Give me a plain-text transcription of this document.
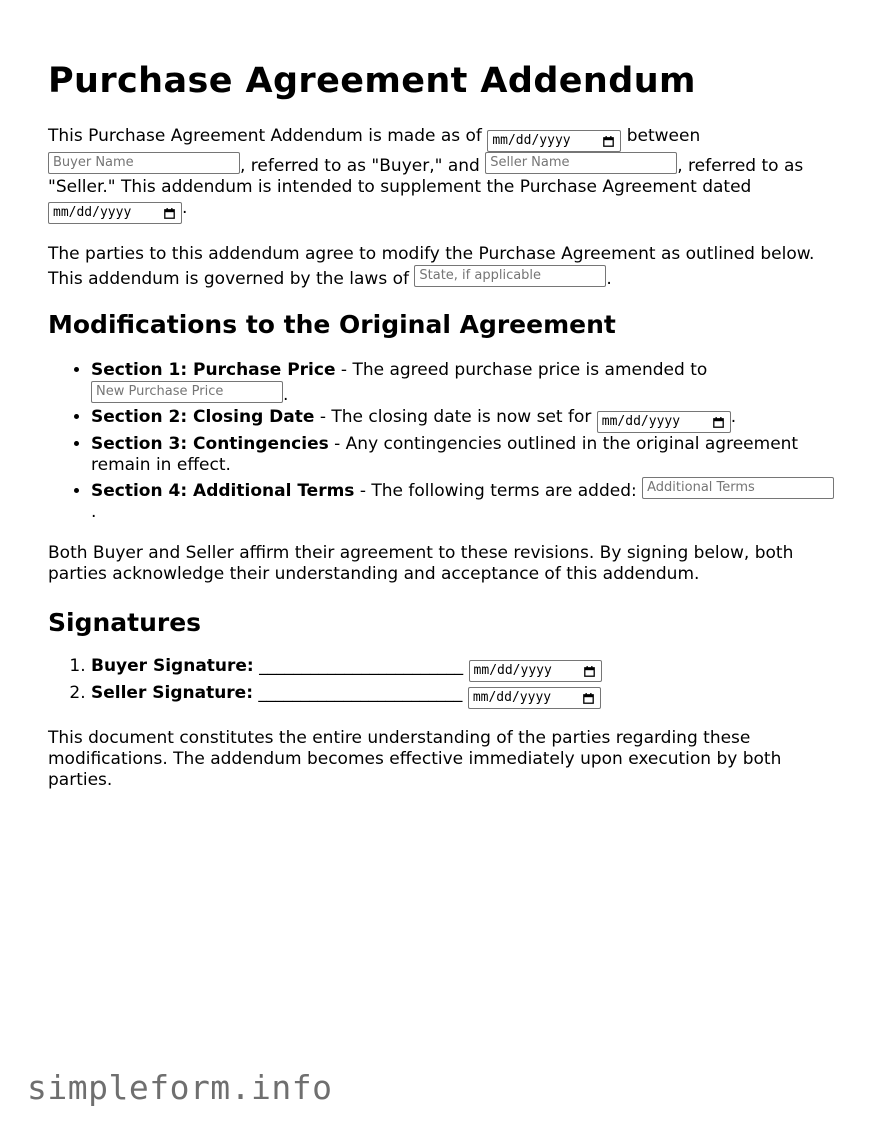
Purchase Agreement Addendum

This Purchase Agreement Addendum is made as of mm/dd/yyyy	between Buyer Name	, referred to as "Buyer," and Seller Name	, referred to as "Seller." This addendum is intended to supplement the Purchase Agreement dated
mm/dd/yyyy	.

The parties to this addendum agree to modify the Purchase Agreement as outlined below. This addendum is governed by the laws of State, if applicable	.

Modifications to the Original Agreement
• Section 1: Purchase Price - The agreed purchase price is amended to New Purchase Price	.
• Section 2: Closing Date - The closing date is now set for mm/dd/yyyy	.
• Section 3: Contingencies - Any contingencies outlined in the original agreement remain in effect.
• Section 4: Additional Terms - The following terms are added: Additional Terms.

Both Buyer and Seller affirm their agreement to these revisions. By signing below, both parties acknowledge their understanding and acceptance of this addendum.

Signatures
1. Buyer Signature: ________________________ mm/dd/yyyy
2. Seller Signature: ________________________ mm/dd/yyyy

This document constitutes the entire understanding of the parties regarding these modifications. The addendum becomes effective immediately upon execution by both parties.

simpleform.info
